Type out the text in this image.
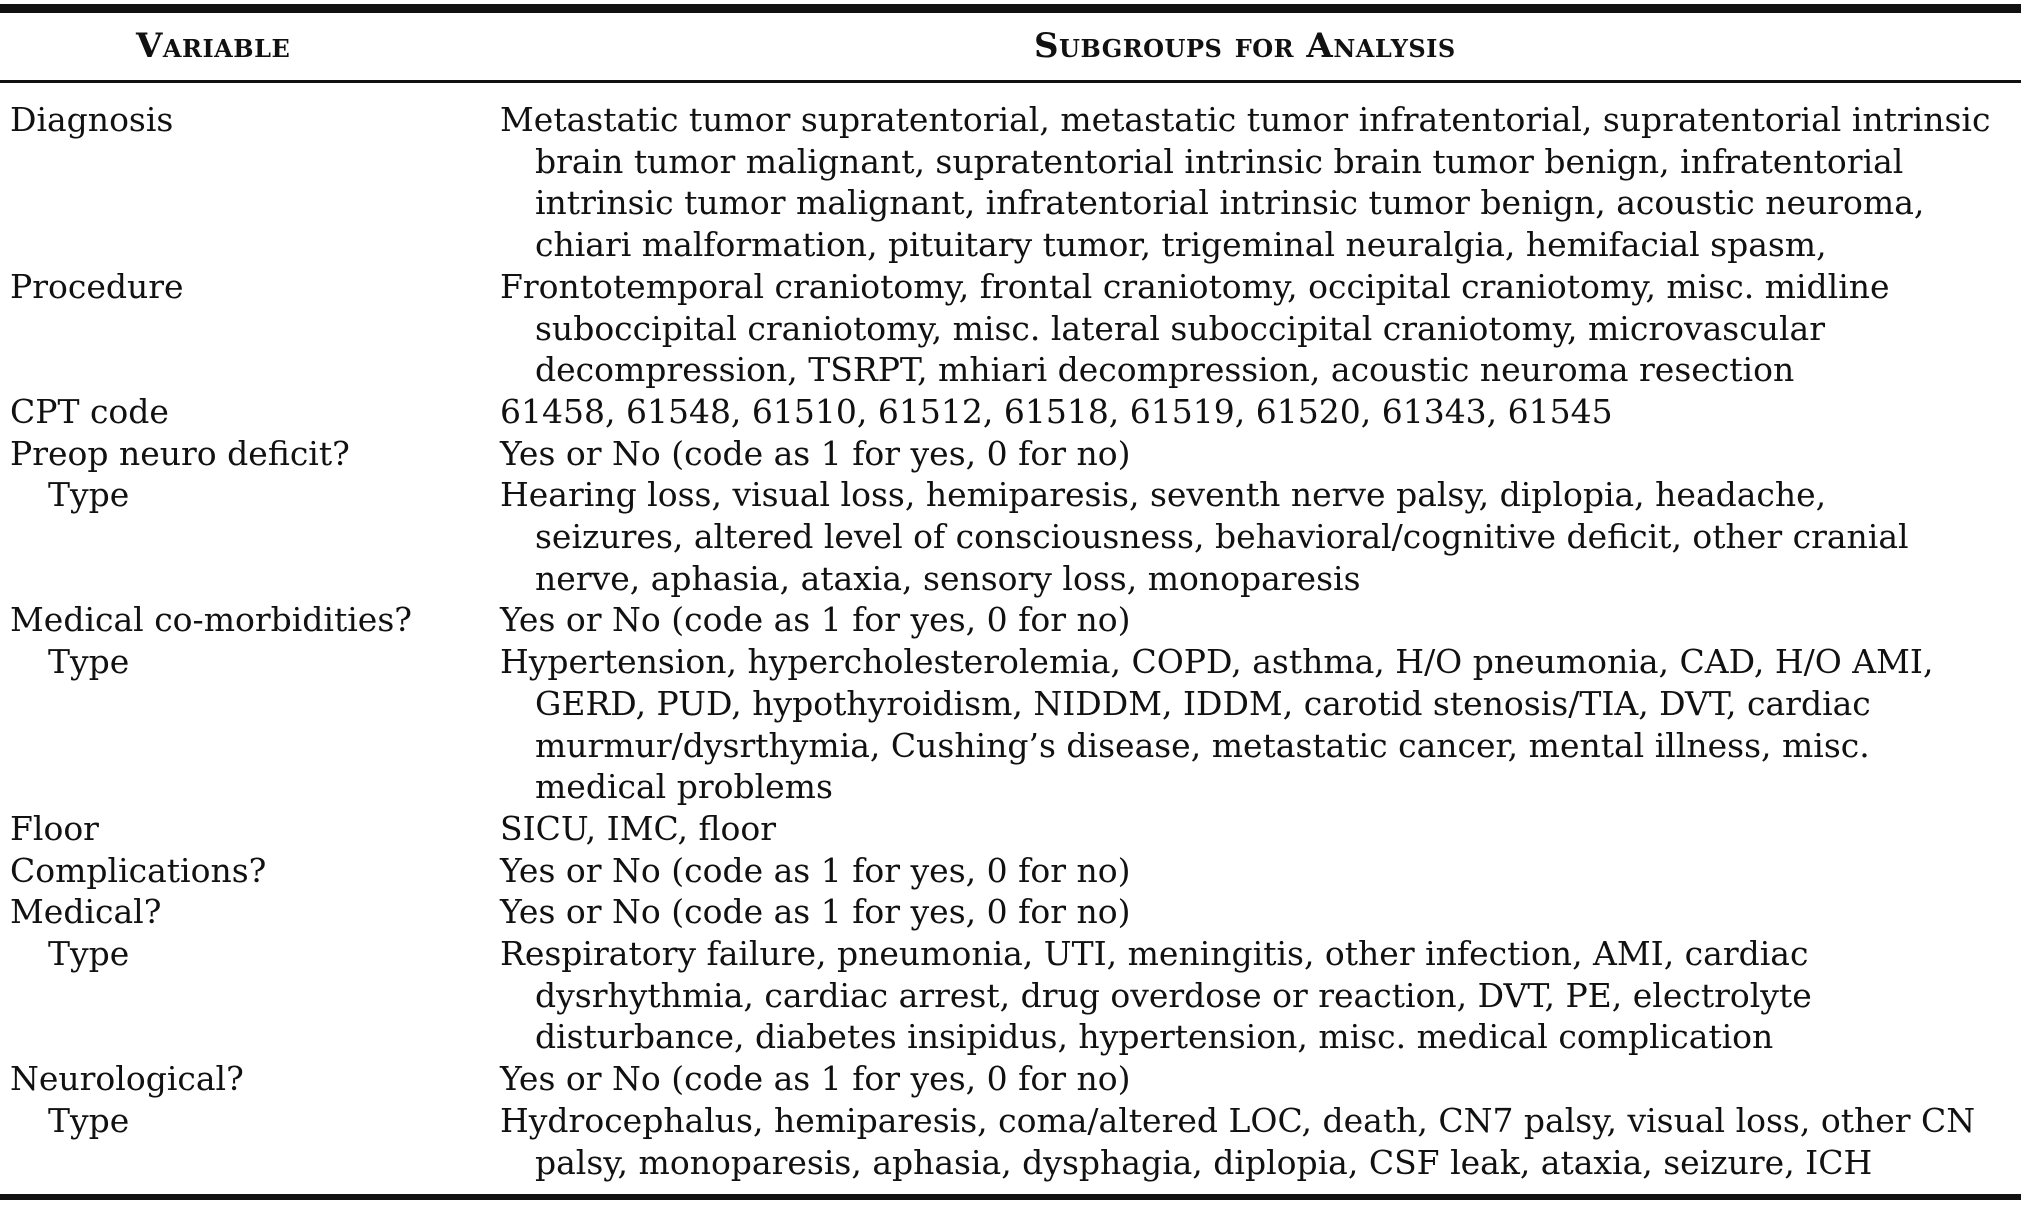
Variable	Subgroups for Analysis
Diagnosis	Metastatic tumor supratentorial, metastatic tumor infratentorial, supratentorial intrinsic
brain tumor malignant, supratentorial intrinsic brain tumor benign, infratentorial
intrinsic tumor malignant, infratentorial intrinsic tumor benign, acoustic neuroma,
chiari malformation, pituitary tumor, trigeminal neuralgia, hemifacial spasm,
Procedure	Frontotemporal craniotomy, frontal craniotomy, occipital craniotomy, misc. midline
suboccipital craniotomy, misc. lateral suboccipital craniotomy, microvascular
decompression, TSRPT, mhiari decompression, acoustic neuroma resection
CPT code	61458, 61548, 61510, 61512, 61518, 61519, 61520, 61343, 61545
Preop neuro deficit?	Yes or No (code as 1 for yes, 0 for no)
Type	Hearing loss, visual loss, hemiparesis, seventh nerve palsy, diplopia, headache,
seizures, altered level of consciousness, behavioral/cognitive deficit, other cranial
nerve, aphasia, ataxia, sensory loss, monoparesis
Medical co-morbidities?	Yes or No (code as 1 for yes, 0 for no)
Type	Hypertension, hypercholesterolemia, COPD, asthma, H/O pneumonia, CAD, H/O AMI,
GERD, PUD, hypothyroidism, NIDDM, IDDM, carotid stenosis/TIA, DVT, cardiac
murmur/dysrthymia, Cushing’s disease, metastatic cancer, mental illness, misc.
medical problems
Floor	SICU, IMC, floor
Complications?	Yes or No (code as 1 for yes, 0 for no)
Medical?	Yes or No (code as 1 for yes, 0 for no)
Type	Respiratory failure, pneumonia, UTI, meningitis, other infection, AMI, cardiac
dysrhythmia, cardiac arrest, drug overdose or reaction, DVT, PE, electrolyte
disturbance, diabetes insipidus, hypertension, misc. medical complication
Neurological?	Yes or No (code as 1 for yes, 0 for no)
Type	Hydrocephalus, hemiparesis, coma/altered LOC, death, CN7 palsy, visual loss, other CN
palsy, monoparesis, aphasia, dysphagia, diplopia, CSF leak, ataxia, seizure, ICH
